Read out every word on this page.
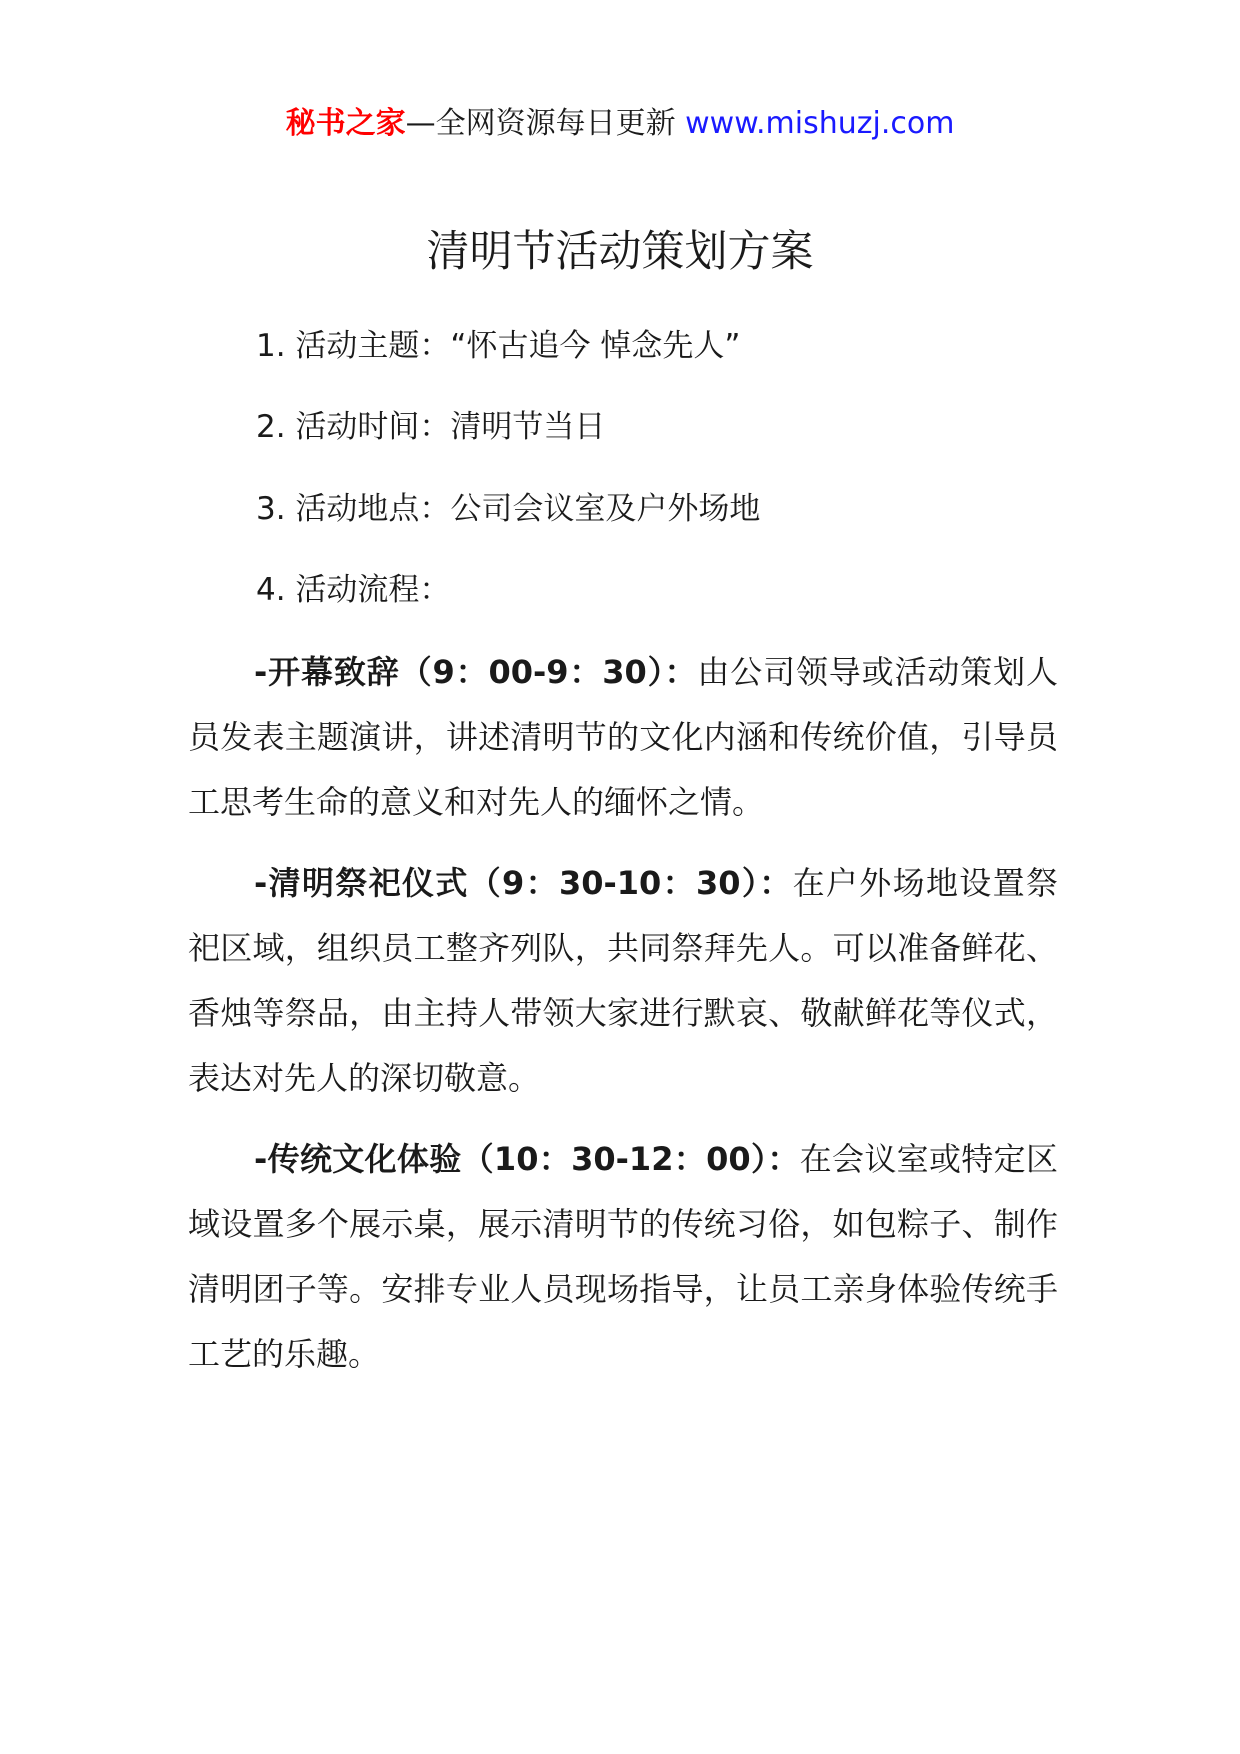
秘书之家—全网资源每日更新 www.mishuzj.com
清明节活动策划方案
1. 活动主题：“怀古追今 悼念先人”
2. 活动时间：清明节当日
3. 活动地点：公司会议室及户外场地
4. 活动流程：

-开幕致辞（9：00-9：30）：由公司领导或活动策划人员发表主题演讲，讲述清明节的文化内涵和传统价值，引导员工思考生命的意义和对先人的缅怀之情。

-清明祭祀仪式（9：30-10：30）：在户外场地设置祭祀区域，组织员工整齐列队，共同祭拜先人。可以准备鲜花、香烛等祭品，由主持人带领大家进行默哀、敬献鲜花等仪式，表达对先人的深切敬意。

-传统文化体验（10：30-12：00）：在会议室或特定区域设置多个展示桌，展示清明节的传统习俗，如包粽子、制作清明团子等。安排专业人员现场指导，让员工亲身体验传统手工艺的乐趣。
